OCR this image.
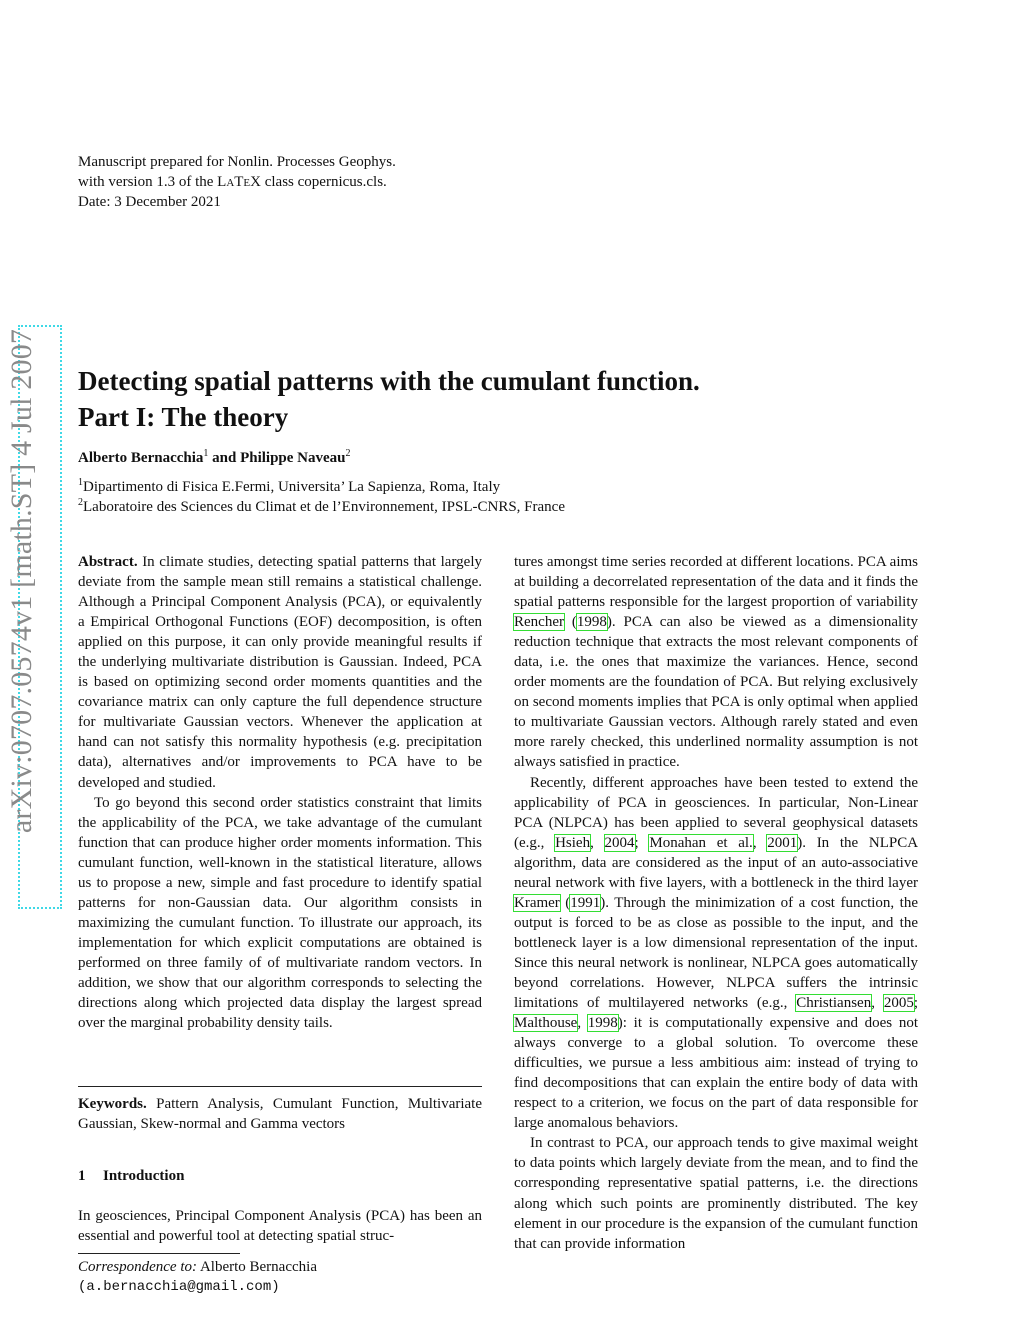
Manuscript prepared for Nonlin. Processes Geophys.
with version 1.3 of the LaTeX class copernicus.cls.
Date: 3 December 2021
arXiv:0707.0574v1 [math.ST] 4 Jul 2007 Detecting spatial patterns with the cumulant function.
Part I: The theory
Alberto Bernacchia$^1$ and Philippe Naveau$^2$
$^1$Dipartimento di Fisica E.Fermi, Universita’ La Sapienza, Roma, Italy
$^2$Laboratoire des Sciences du Climat et de l’Environnement, IPSL-CNRS, France

Abstract. In climate studies, detecting spatial patterns that largely deviate from the sample mean still remains a statistical challenge. Although a Principal Component Analysis (PCA), or equivalently a Empirical Orthogonal Functions (EOF) decomposition, is often applied on this purpose, it can only provide meaningful results if the underlying multivariate distribution is Gaussian. Indeed, PCA is based on optimizing second order moments quantities and the covariance matrix can only capture the full dependence structure for multivariate Gaussian vectors. Whenever the application at hand can not satisfy this normality hypothesis (e.g. precipitation data), alternatives and/or improvements to PCA have to be developed and studied.

To go beyond this second order statistics constraint that limits the applicability of the PCA, we take advantage of the cumulant function that can produce higher order moments information. This cumulant function, well-known in the statistical literature, allows us to propose a new, simple and fast procedure to identify spatial patterns for non-Gaussian data. Our algorithm consists in maximizing the cumulant function. To illustrate our approach, its implementation for which explicit computations are obtained is performed on three family of of multivariate random vectors. In addition, we show that our algorithm corresponds to selecting the directions along which projected data display the largest spread over the marginal probability density tails.

Keywords. Pattern Analysis, Cumulant Function, Multivariate Gaussian, Skew-normal and Gamma vectors
1 Introduction
In geosciences, Principal Component Analysis (PCA) has been an essential and powerful tool at detecting spatial struc-
Correspondence to: Alberto Bernacchia
(a.bernacchia@gmail.com)

tures amongst time series recorded at different locations. PCA aims at building a decorrelated representation of the data and it finds the spatial patterns responsible for the largest proportion of variability Rencher (1998). PCA can also be viewed as a dimensionality reduction technique that extracts the most relevant components of data, i.e. the ones that maximize the variances. Hence, second order moments are the foundation of PCA. But relying exclusively on second moments implies that PCA is only optimal when applied to multivariate Gaussian vectors. Although rarely stated and even more rarely checked, this underlined normality assumption is not always satisfied in practice.

Recently, different approaches have been tested to extend the applicability of PCA in geosciences. In particular, Non-Linear PCA (NLPCA) has been applied to several geophysical datasets (e.g., Hsieh, 2004; Monahan et al., 2001). In the NLPCA algorithm, data are considered as the input of an auto-associative neural network with five layers, with a bottleneck in the third layer Kramer (1991). Through the minimization of a cost function, the output is forced to be as close as possible to the input, and the bottleneck layer is a low dimensional representation of the input. Since this neural network is nonlinear, NLPCA goes automatically beyond correlations. However, NLPCA suffers the intrinsic limitations of multilayered networks (e.g., Christiansen, 2005; Malthouse, 1998): it is computationally expensive and does not always converge to a global solution. To overcome these difficulties, we pursue a less ambitious aim: instead of trying to find decompositions that can explain the entire body of data with respect to a criterion, we focus on the part of data responsible for large anomalous behaviors.

In contrast to PCA, our approach tends to give maximal weight to data points which largely deviate from the mean, and to find the corresponding representative spatial patterns, i.e. the directions along which such points are prominently distributed. The key element in our procedure is the expansion of the cumulant function that can provide information
